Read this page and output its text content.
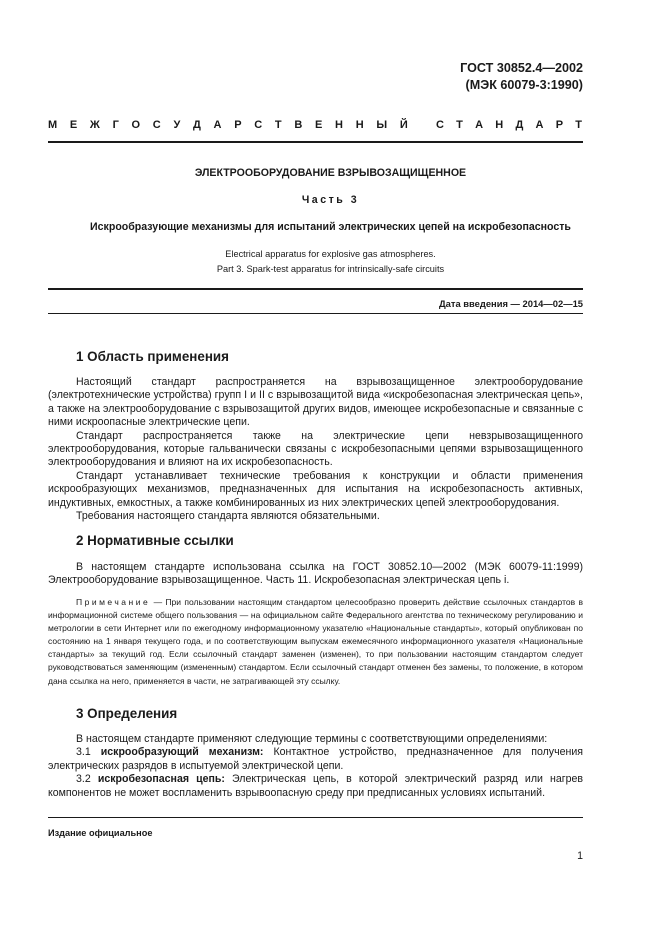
ГОСТ 30852.4—2002
(МЭК 60079-3:1990)
М Е Ж Г О С У Д А Р С Т В Е Н Н Ы Й	С Т А Н Д А Р Т
ЭЛЕКТРООБОРУДОВАНИЕ ВЗРЫВОЗАЩИЩЕННОЕ
Часть 3
Искрообразующие механизмы для испытаний электрических цепей на искробезопасность
Electrical apparatus for explosive gas atmospheres.
Part 3. Spark-test apparatus for intrinsically-safe circuits
Дата введения — 2014—02—15
1 Область применения

Настоящий стандарт распространяется на взрывозащищенное электрооборудование (электротехнические устройства) групп I и II с взрывозащитой вида «искробезопасная электрическая цепь», а также на электрооборудование с взрывозащитой других видов, имеющее искробезопасные и связанные с ними искроопасные электрические цепи.

Стандарт распространяется также на электрические цепи невзрывозащищенного электрооборудования, которые гальванически связаны с искробезопасными цепями взрывозащищенного электрооборудования и влияют на их искробезопасность.

Стандарт устанавливает технические требования к конструкции и области применения искрообразующих механизмов, предназначенных для испытания на искробезопасность активных, индуктивных, емкостных, а также комбинированных из них электрических цепей электрооборудования.

Требования настоящего стандарта являются обязательными.

2 Нормативные ссылки

В настоящем стандарте использована ссылка на ГОСТ 30852.10—2002 (МЭК 60079-11:1999) Электрооборудование взрывозащищенное. Часть 11. Искробезопасная электрическая цепь i.

Примечание — При пользовании настоящим стандартом целесообразно проверить действие ссылочных стандартов в информационной системе общего пользования — на официальном сайте Федерального агентства по техническому регулированию и метрологии в сети Интернет или по ежегодному информационному указателю «Национальные стандарты», который опубликован по состоянию на 1 января текущего года, и по соответствующим выпускам ежемесячного информационного указателя «Национальные стандарты» за текущий год. Если ссылочный стандарт заменен (изменен), то при пользовании настоящим стандартом следует руководствоваться заменяющим (измененным) стандартом. Если ссылочный стандарт отменен без замены, то положение, в котором дана ссылка на него, применяется в части, не затрагивающей эту ссылку.

3 Определения

В настоящем стандарте применяют следующие термины с соответствующими определениями:

3.1 искрообразующий механизм: Контактное устройство, предназначенное для получения электрических разрядов в испытуемой электрической цепи.

3.2 искробезопасная цепь: Электрическая цепь, в которой электрический разряд или нагрев компонентов не может воспламенить взрывоопасную среду при предписанных условиях испытаний.

Издание официальное
1
